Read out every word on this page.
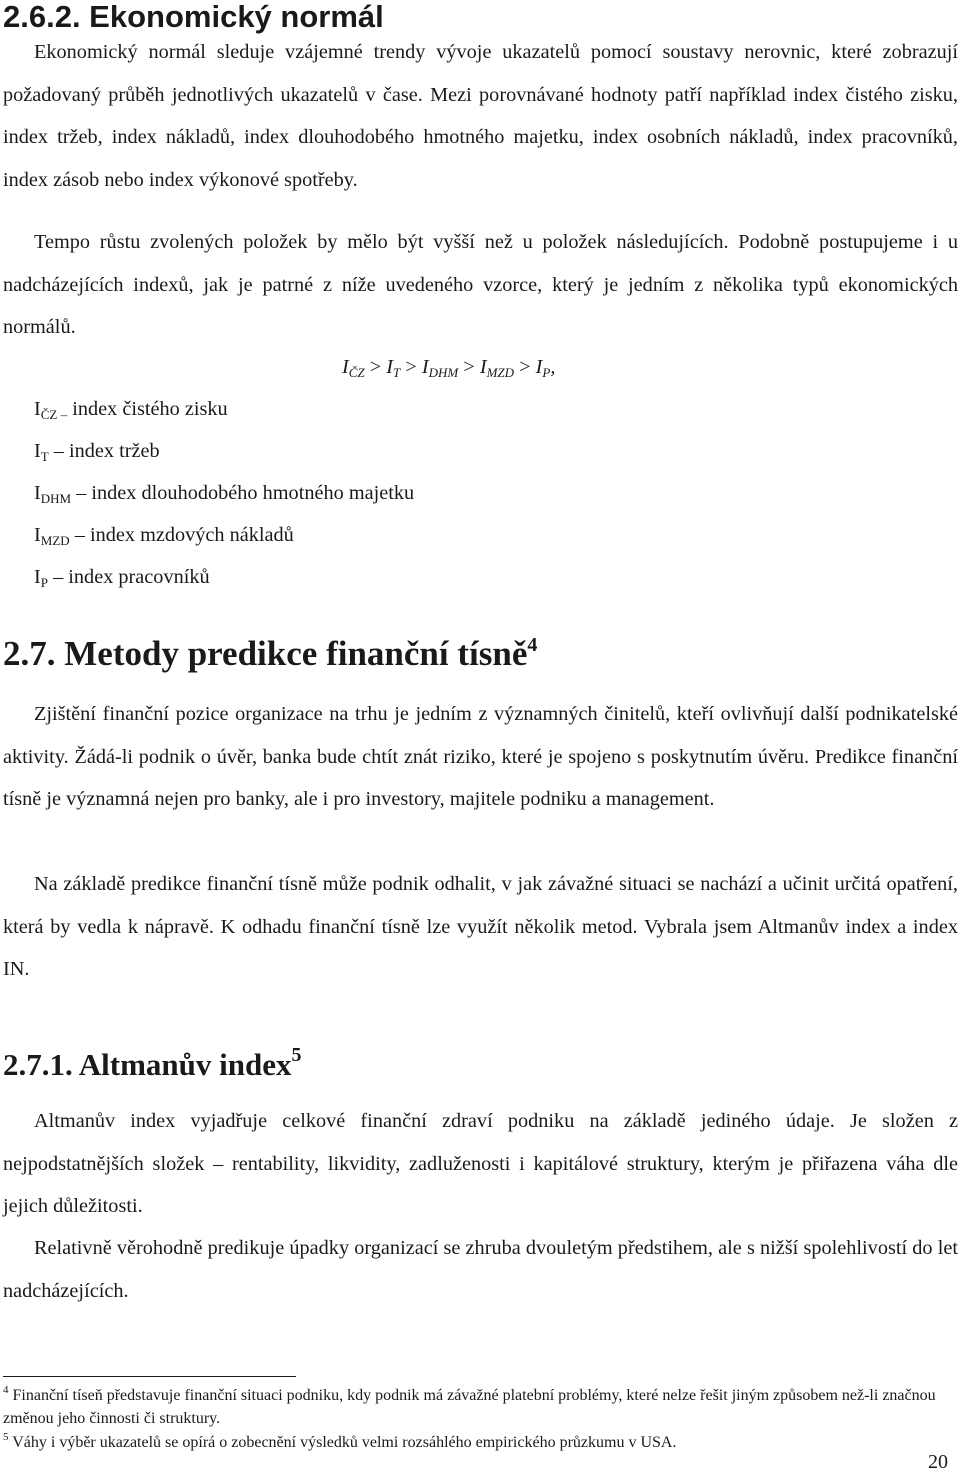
2.6.2. Ekonomický normál

Ekonomický normál sleduje vzájemné trendy vývoje ukazatelů pomocí soustavy nerovnic, které zobrazují požadovaný průběh jednotlivých ukazatelů v čase. Mezi porovnávané hodnoty patří například index čistého zisku, index tržeb, index nákladů, index dlouhodobého hmotného majetku, index osobních nákladů, index pracovníků, index zásob nebo index výkonové spotřeby.

Tempo růstu zvolených položek by mělo být vyšší než u položek následujících. Podobně postupujeme i u nadcházejících indexů, jak je patrné z níže uvedeného vzorce, který je jedním z několika typů ekonomických normálů.

$I_{ČZ} > I_T > I_{DHM} > I_{MZD} > I_P$,
$I_{ČZ -}$ index čistého zisku
$I_T$ – index tržeb
$I_{DHM}$ – index dlouhodobého hmotného majetku
$I_{MZD}$ – index mzdových nákladů
$I_P$ – index pracovníků
2.7. Metody predikce finanční tísně$^4$

Zjištění finanční pozice organizace na trhu je jedním z významných činitelů, kteří ovlivňují další podnikatelské aktivity. Žádá-li podnik o úvěr, banka bude chtít znát riziko, které je spojeno s poskytnutím úvěru. Predikce finanční tísně je významná nejen pro banky, ale i pro investory, majitele podniku a management.

Na základě predikce finanční tísně může podnik odhalit, v jak závažné situaci se nachází a učinit určitá opatření, která by vedla k nápravě. K odhadu finanční tísně lze využít několik metod. Vybrala jsem Altmanův index a index IN.

2.7.1. Altmanův index$^5$

Altmanův index vyjadřuje celkové finanční zdraví podniku na základě jediného údaje. Je složen z nejpodstatnějších složek – rentability, likvidity, zadluženosti i kapitálové struktury, kterým je přiřazena váha dle jejich důležitosti.

Relativně věrohodně predikuje úpadky organizací se zhruba dvouletým předstihem, ale s nižší spolehlivostí do let nadcházejících.

$^4$ Finanční tíseň představuje finanční situaci podniku, kdy podnik má závažné platební problémy, které nelze řešit jiným způsobem než-li značnou změnou jeho činnosti či struktury.

$^5$ Váhy i výběr ukazatelů se opírá o zobecnění výsledků velmi rozsáhlého empirického průzkumu v USA.

20
